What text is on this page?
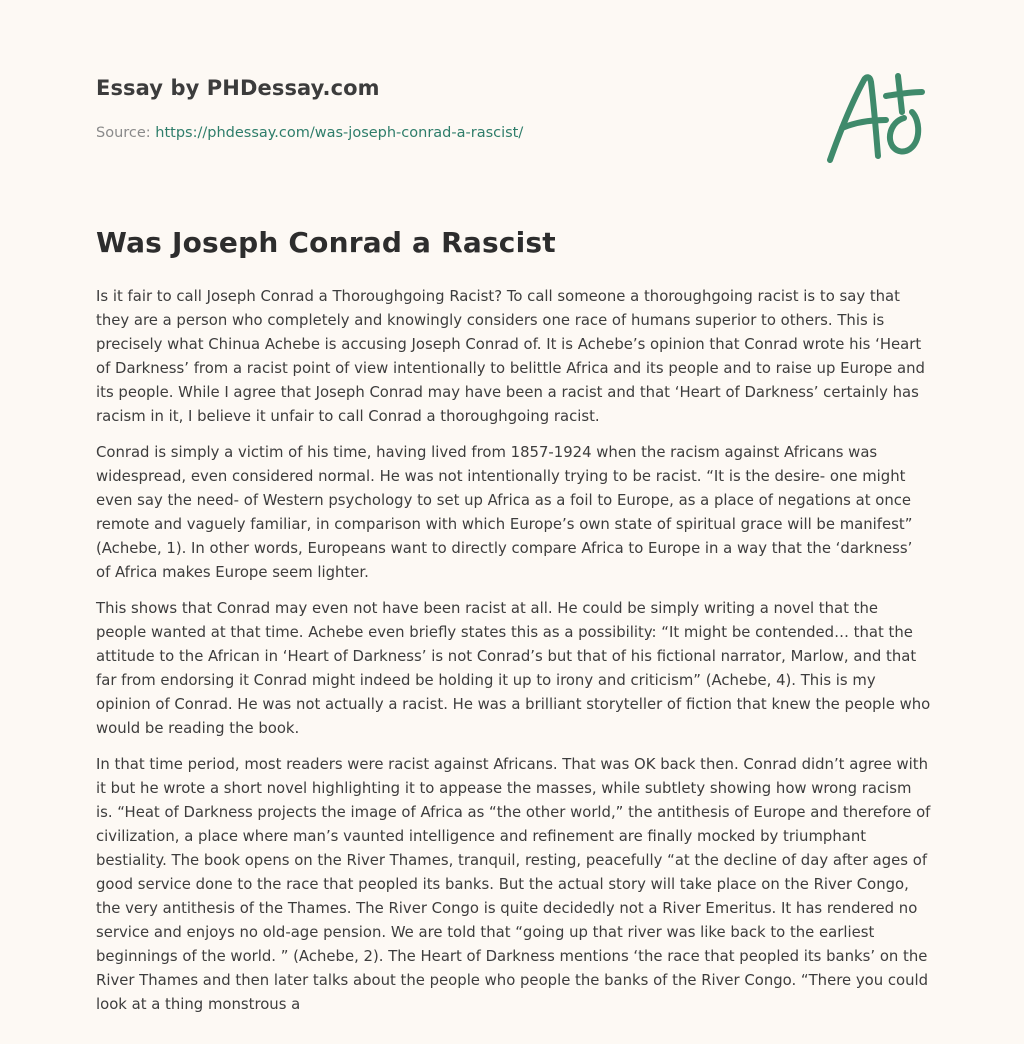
Essay by PHDessay.com
Source: https://phdessay.com/was-joseph-conrad-a-rascist/
Was Joseph Conrad a Rascist

Is it fair to call Joseph Conrad a Thoroughgoing Racist? To call someone a thoroughgoing racist is to say that they are a person who completely and knowingly considers one race of humans superior to others. This is precisely what Chinua Achebe is accusing Joseph Conrad of. It is Achebe’s opinion that Conrad wrote his ‘Heart of Darkness’ from a racist point of view intentionally to belittle Africa and its people and to raise up Europe and its people. While I agree that Joseph Conrad may have been a racist and that ‘Heart of Darkness’ certainly has racism in it, I believe it unfair to call Conrad a thoroughgoing racist.

Conrad is simply a victim of his time, having lived from 1857-1924 when the racism against Africans was widespread, even considered normal. He was not intentionally trying to be racist. “It is the desire- one might even say the need- of Western psychology to set up Africa as a foil to Europe, as a place of negations at once remote and vaguely familiar, in comparison with which Europe’s own state of spiritual grace will be manifest” (Achebe, 1). In other words, Europeans want to directly compare Africa to Europe in a way that the ‘darkness’ of Africa makes Europe seem lighter.

This shows that Conrad may even not have been racist at all. He could be simply writing a novel that the people wanted at that time. Achebe even briefly states this as a possibility: “It might be contended… that the attitude to the African in ‘Heart of Darkness’ is not Conrad’s but that of his fictional narrator, Marlow, and that far from endorsing it Conrad might indeed be holding it up to irony and criticism” (Achebe, 4). This is my opinion of Conrad. He was not actually a racist. He was a brilliant storyteller of fiction that knew the people who would be reading the book.

In that time period, most readers were racist against Africans. That was OK back then. Conrad didn’t agree with it but he wrote a short novel highlighting it to appease the masses, while subtlety showing how wrong racism is. “Heat of Darkness projects the image of Africa as “the other world,” the antithesis of Europe and therefore of civilization, a place where man’s vaunted intelligence and refinement are finally mocked by triumphant bestiality. The book opens on the River Thames, tranquil, resting, peacefully “at the decline of day after ages of good service done to the race that peopled its banks. But the actual story will take place on the River Congo, the very antithesis of the Thames. The River Congo is quite decidedly not a River Emeritus. It has rendered no service and enjoys no old-age pension. We are told that “going up that river was like back to the earliest beginnings of the world. ” (Achebe, 2). The Heart of Darkness mentions ‘the race that peopled its banks’ on the River Thames and then later talks about the people who people the banks of the River Congo. “There you could look at a thing monstrous a
